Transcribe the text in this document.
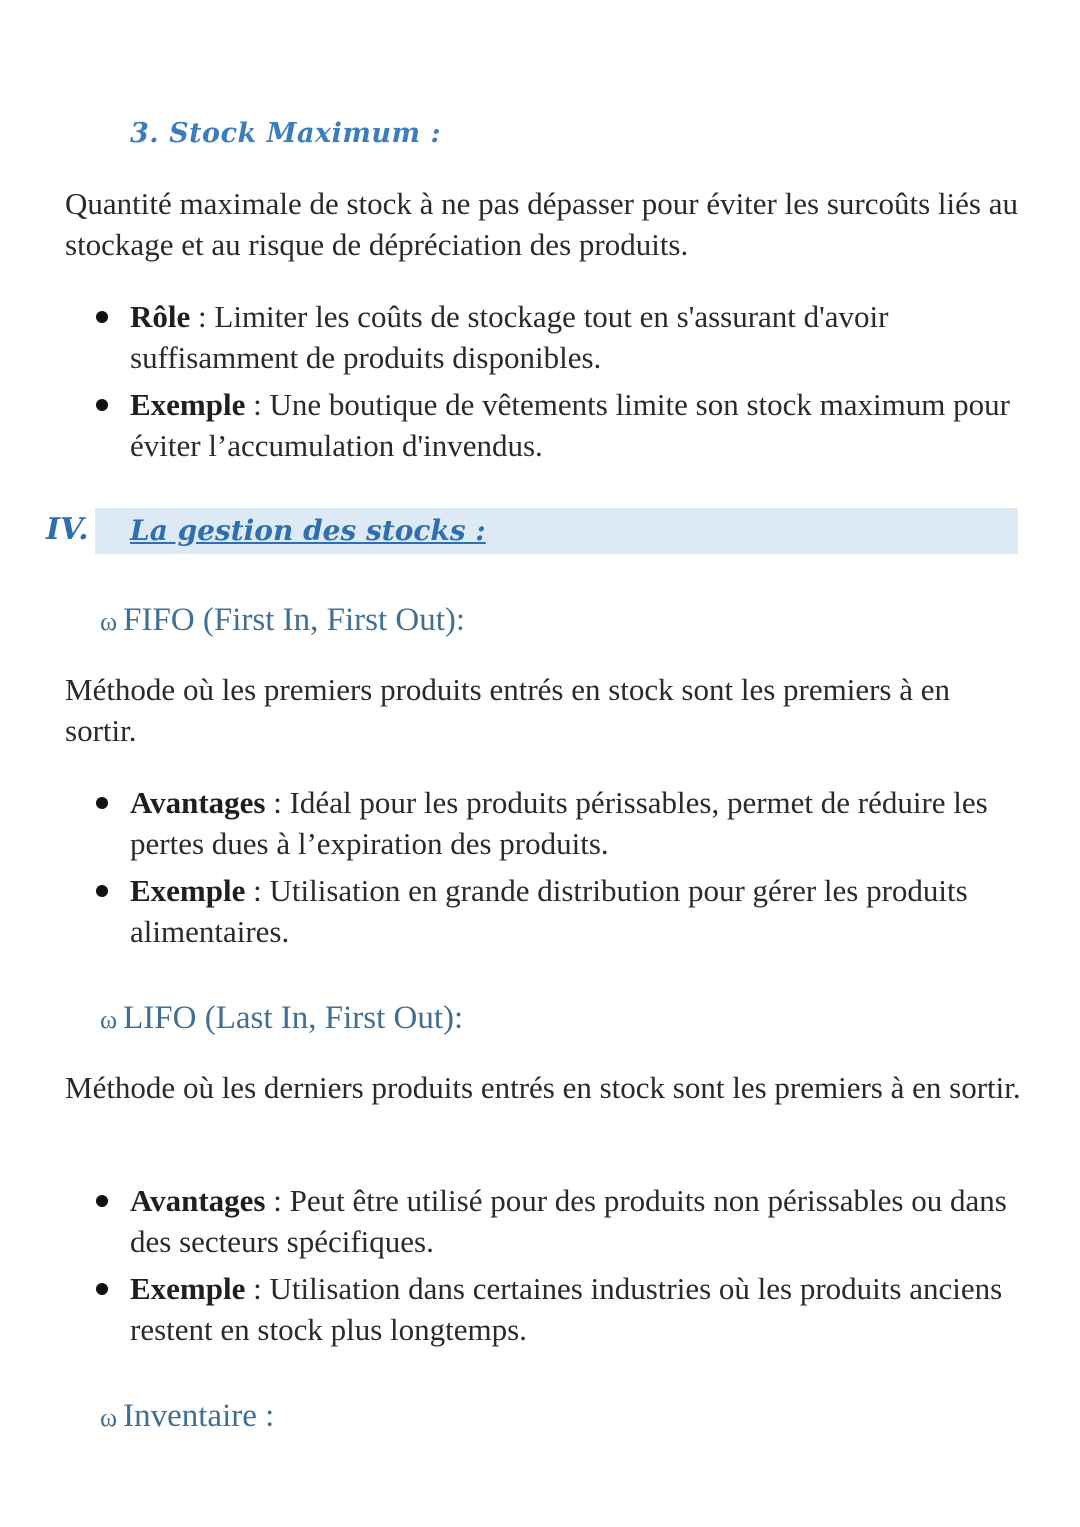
3. Stock Maximum :
Quantité maximale de stock à ne pas dépasser pour éviter les surcoûts liés au stockage et au risque de dépréciation des produits.
Rôle : Limiter les coûts de stockage tout en s'assurant d'avoir suffisamment de produits disponibles.
Exemple : Une boutique de vêtements limite son stock maximum pour éviter l’accumulation d'invendus.
IV. La gestion des stocks :
ω FIFO (First In, First Out):
Méthode où les premiers produits entrés en stock sont les premiers à en sortir.
Avantages : Idéal pour les produits périssables, permet de réduire les pertes dues à l’expiration des produits.
Exemple : Utilisation en grande distribution pour gérer les produits alimentaires.
ω LIFO (Last In, First Out):
Méthode où les derniers produits entrés en stock sont les premiers à en sortir.
Avantages : Peut être utilisé pour des produits non périssables ou dans des secteurs spécifiques.
Exemple : Utilisation dans certaines industries où les produits anciens restent en stock plus longtemps.
ω Inventaire :
